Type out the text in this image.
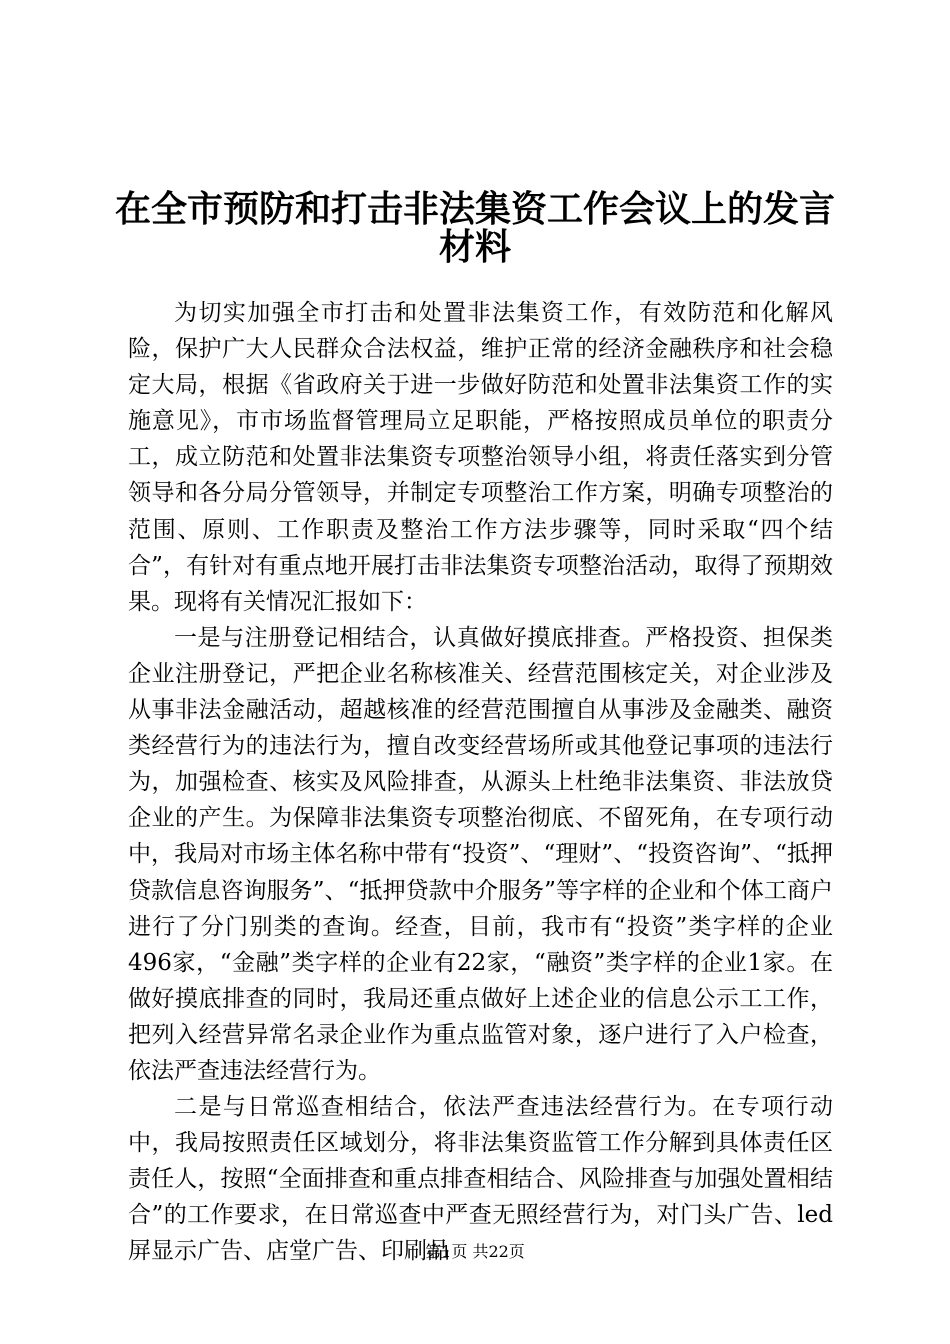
在全市预防和打击非法集资工作会议上的发言
材料

为切实加强全市打击和处置非法集资工作，有效防范和化解风险，保护广大人民群众合法权益，维护正常的经济金融秩序和社会稳定大局，根据《省政府关于进一步做好防范和处置非法集资工作的实施意见》，市市场监督管理局立足职能，严格按照成员单位的职责分工，成立防范和处置非法集资专项整治领导小组，将责任落实到分管领导和各分局分管领导，并制定专项整治工作方案，明确专项整治的范围、原则、工作职责及整治工作方法步骤等，同时采取“四个结合”，有针对有重点地开展打击非法集资专项整治活动，取得了预期效果。现将有关情况汇报如下：

一是与注册登记相结合，认真做好摸底排查。严格投资、担保类企业注册登记，严把企业名称核准关、经营范围核定关，对企业涉及从事非法金融活动，超越核准的经营范围擅自从事涉及金融类、融资类经营行为的违法行为，擅自改变经营场所或其他登记事项的违法行为，加强检查、核实及风险排查，从源头上杜绝非法集资、非法放贷企业的产生。为保障非法集资专项整治彻底、不留死角，在专项行动中，我局对市场主体名称中带有“投资”、“理财”、“投资咨询”、“抵押贷款信息咨询服务”、“抵押贷款中介服务”等字样的企业和个体工商户进行了分门别类的查询。经查，目前，我市有“投资”类字样的企业496家，“金融”类字样的企业有22家，“融资”类字样的企业1家。在做好摸底排查的同时，我局还重点做好上述企业的信息公示工工作，把列入经营异常名录企业作为重点监管对象，逐户进行了入户检查，依法严查违法经营行为。

二是与日常巡查相结合，依法严查违法经营行为。在专项行动中，我局按照责任区域划分，将非法集资监管工作分解到具体责任区责任人，按照“全面排查和重点排查相结合、风险排查与加强处置相结合”的工作要求，在日常巡查中严查无照经营行为，对门头广告、led屏显示广告、店堂广告、印刷品

第1页 共22页
